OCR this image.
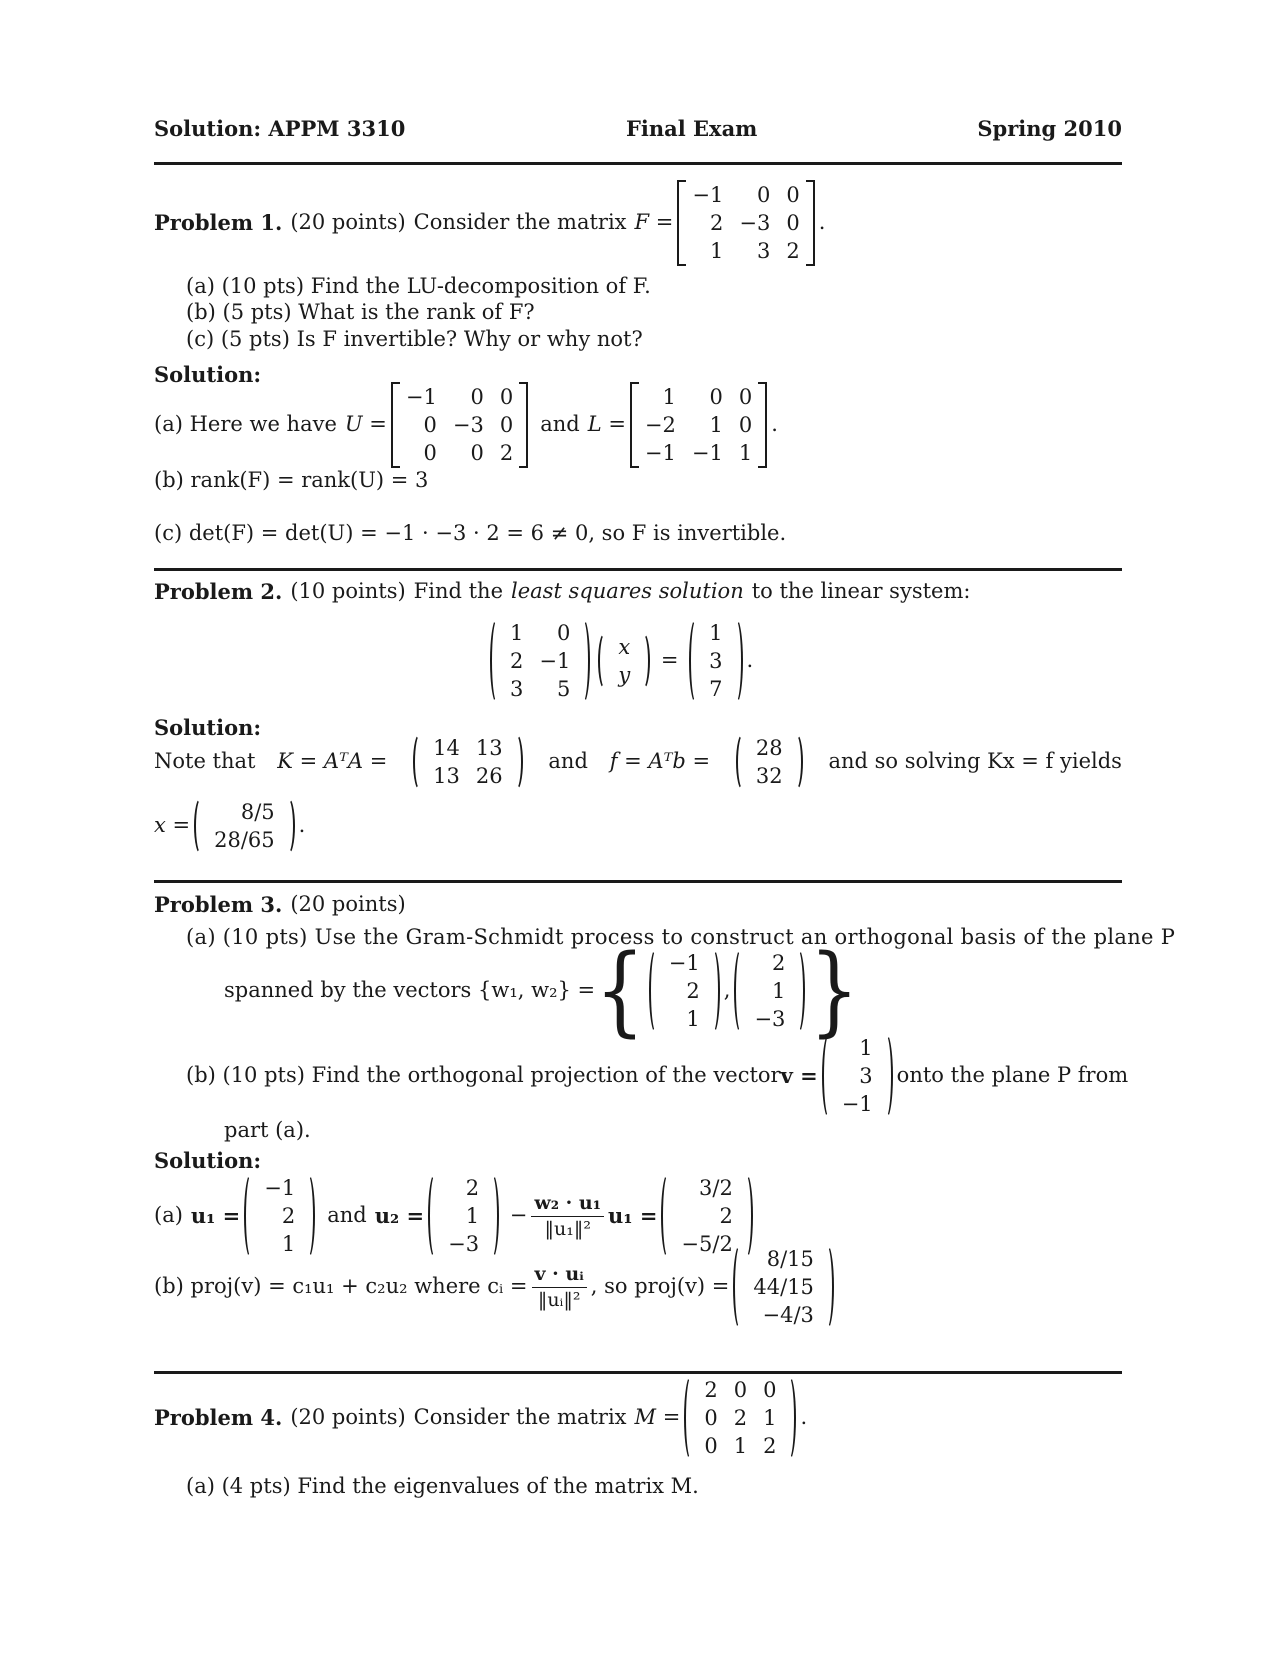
Solution: APPM 3310	Final Exam	Spring 2010
Problem 1. (20 points) Consider the matrix F =
−1	0 0
2 −3 0
1	3 2
.
(a) (10 pts) Find the LU-decomposition of F.
(b) (5 pts) What is the rank of F?
(c) (5 pts) Is F invertible? Why or why not?
Solution:
(a) Here we have U =
−1	0 0
0 −3 0
0	0 2
and L =
1	0 0
−2	1 0
−1 −1 1
.
(b) rank(F) = rank(U) = 3
(c) det(F) = det(U) = −1 · −3 · 2 = 6 ≠ 0, so F is invertible.
Problem 2. (10 points) Find the least squares solution to the linear system:
1	0
2 −1
3	5
x
y
=
1
3
7
.
Solution:
Note that K = AᵀA =
14 13
13 26
and f = Aᵀb =
28
32
and so solving Kx = f yields
x =
8/5
28/65
.
Problem 3. (20 points)
(a) (10 pts) Use the Gram-Schmidt process to construct an orthogonal basis of the plane P
spanned by the vectors {w₁, w₂} = { −1
2
1
,
2
1
−3 }
(b) (10 pts) Find the orthogonal projection of the vector v =
1
3
−1
onto the plane P from
part (a).
Solution:
(a) u₁ =
−1
2
1
and u₂ =
2
1
−3
− $\frac{\text{w₂ · u₁}}{\text{‖u₁‖²}} u_1$ =
3/2
2
−5/2
(b) proj(v) = c₁u₁ + c₂u₂ where cᵢ = $\frac{\text{v · uᵢ}}{\text{‖uᵢ‖²}}$ , so proj(v) =
8/15
44/15
−4/3
Problem 4. (20 points) Consider the matrix M =
2 0 0
0 2 1
0 1 2
.
(a) (4 pts) Find the eigenvalues of the matrix M.
